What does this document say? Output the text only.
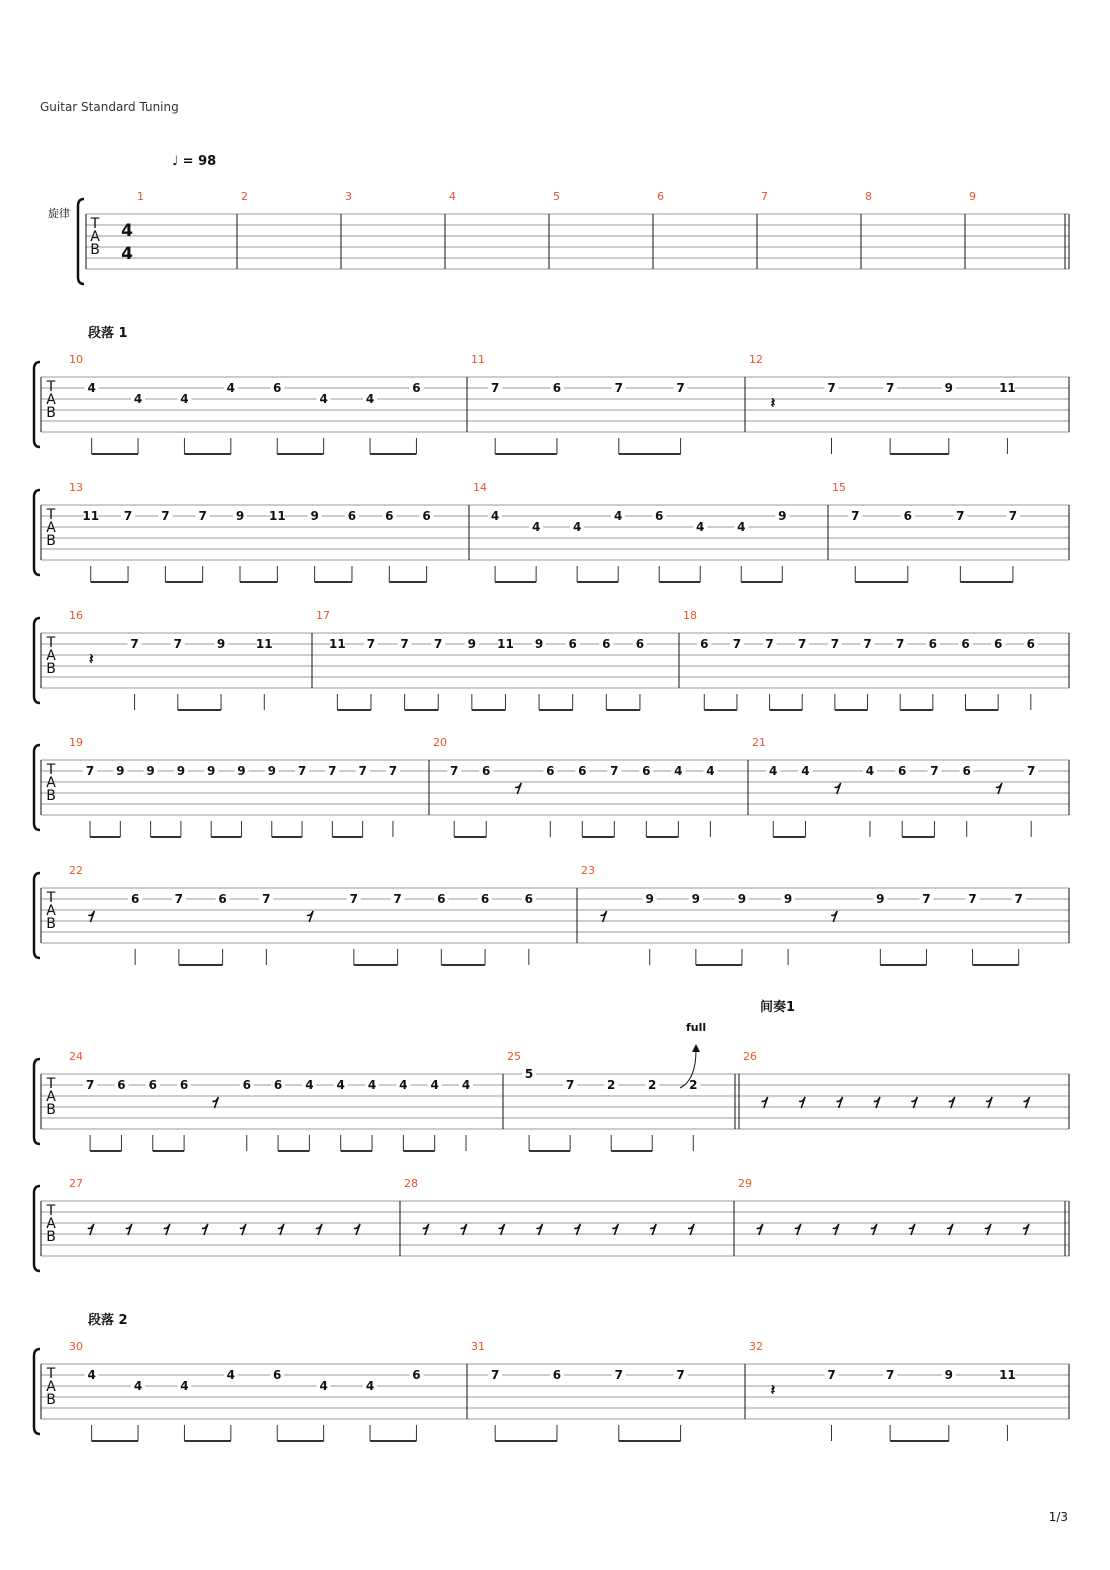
Guitar Standard Tuning
♩ = 98
旋律
段落 1
间奏1
段落 2
full
1/3
T
A
B
4
4
1	2	3	4	5	6	7	8	9
T
A
B
10
4
4	4
4	6
4	4
6
11
7	6	7	7
12
𝄽
7	7	9	11
T
A
B
13
11 7 7 7 9 11 9 6 6 6
14
4
4	4
4	6
4	4
9
15
7	6	7	7
T
A
B
16
𝄽
7	7	9	11
17
11 7 7 7 9 11 9 6 6 6
18
6 7 7 7 7 7 7 6 6 6 6
T
A
B
19
7 9 9 9 9 9 9 7 7 7 7
20
7 6	6 6 7 6 4 4
21
4 4	4 6 7 6	7
T
A
B
22
6	7	6	7	7	7	6	6	6
23
9	9	9	9	9	7	7	7
T
A
B
24
7 6 6 6	6 6 4 4 4 4 4 4
25
5
7	2	2	2
26
T
A
B
27	28	29
T
A
B
30
4
4	4
4	6
4	4
6
31
7	6	7	7
32
𝄽
7	7	9	11
